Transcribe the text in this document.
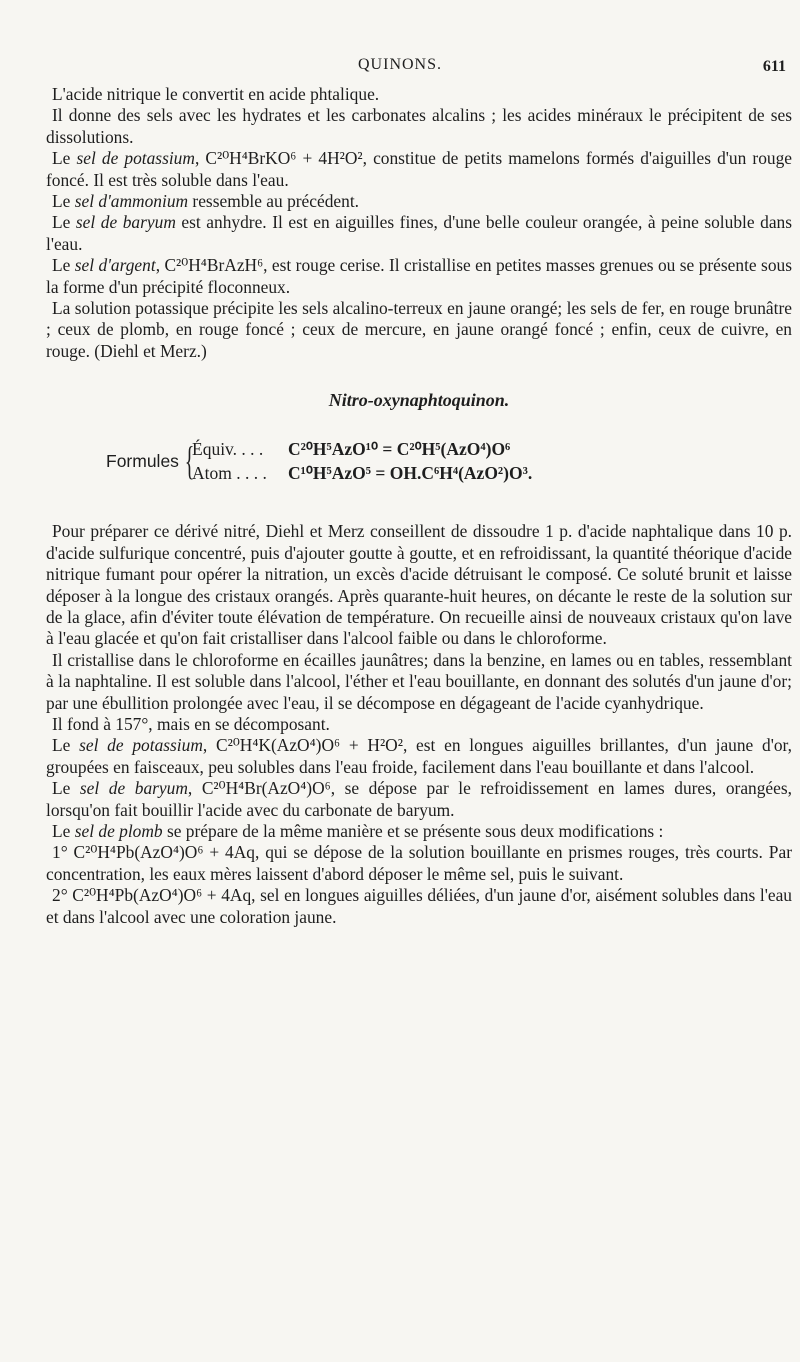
QUINONS.	611

L'acide nitrique le convertit en acide phtalique.

Il donne des sels avec les hydrates et les carbonates alcalins ; les acides minéraux le précipitent de ses dissolutions.

Le sel de potassium, C²⁰H⁴BrKO⁶ + 4H²O², constitue de petits mamelons formés d'aiguilles d'un rouge foncé. Il est très soluble dans l'eau.

Le sel d'ammonium ressemble au précédent.

Le sel de baryum est anhydre. Il est en aiguilles fines, d'une belle couleur orangée, à peine soluble dans l'eau.

Le sel d'argent, C²⁰H⁴BrAzH⁶, est rouge cerise. Il cristallise en petites masses grenues ou se présente sous la forme d'un précipité floconneux.

La solution potassique précipite les sels alcalino-terreux en jaune orangé; les sels de fer, en rouge brunâtre ; ceux de plomb, en rouge foncé ; ceux de mercure, en jaune orangé foncé ; enfin, ceux de cuivre, en rouge. (Diehl et Merz.)

Nitro-oxynaphtoquinon.
Formules {
Équiv. . . . C²⁰H⁵AzO¹⁰ = C²⁰H⁵(AzO⁴)O⁶
Atom . . . . C¹⁰H⁵AzO⁵ = OH.C⁶H⁴(AzO²)O³.

Pour préparer ce dérivé nitré, Diehl et Merz conseillent de dissoudre 1 p. d'acide naphtalique dans 10 p. d'acide sulfurique concentré, puis d'ajouter goutte à goutte, et en refroidissant, la quantité théorique d'acide nitrique fumant pour opérer la nitration, un excès d'acide détruisant le composé. Ce soluté brunit et laisse déposer à la longue des cristaux orangés. Après quarante-huit heures, on décante le reste de la solution sur de la glace, afin d'éviter toute élévation de température. On recueille ainsi de nouveaux cristaux qu'on lave à l'eau glacée et qu'on fait cristalliser dans l'alcool faible ou dans le chloroforme.

Il cristallise dans le chloroforme en écailles jaunâtres; dans la benzine, en lames ou en tables, ressemblant à la naphtaline. Il est soluble dans l'alcool, l'éther et l'eau bouillante, en donnant des solutés d'un jaune d'or; par une ébullition prolongée avec l'eau, il se décompose en dégageant de l'acide cyanhydrique.

Il fond à 157°, mais en se décomposant.

Le sel de potassium, C²⁰H⁴K(AzO⁴)O⁶ + H²O², est en longues aiguilles brillantes, d'un jaune d'or, groupées en faisceaux, peu solubles dans l'eau froide, facilement dans l'eau bouillante et dans l'alcool.

Le sel de baryum, C²⁰H⁴Br(AzO⁴)O⁶, se dépose par le refroidissement en lames dures, orangées, lorsqu'on fait bouillir l'acide avec du carbonate de baryum.

Le sel de plomb se prépare de la même manière et se présente sous deux modifications :

1° C²⁰H⁴Pb(AzO⁴)O⁶ + 4Aq, qui se dépose de la solution bouillante en prismes rouges, très courts. Par concentration, les eaux mères laissent d'abord déposer le même sel, puis le suivant.

2° C²⁰H⁴Pb(AzO⁴)O⁶ + 4Aq, sel en longues aiguilles déliées, d'un jaune d'or, aisément solubles dans l'eau et dans l'alcool avec une coloration jaune.
